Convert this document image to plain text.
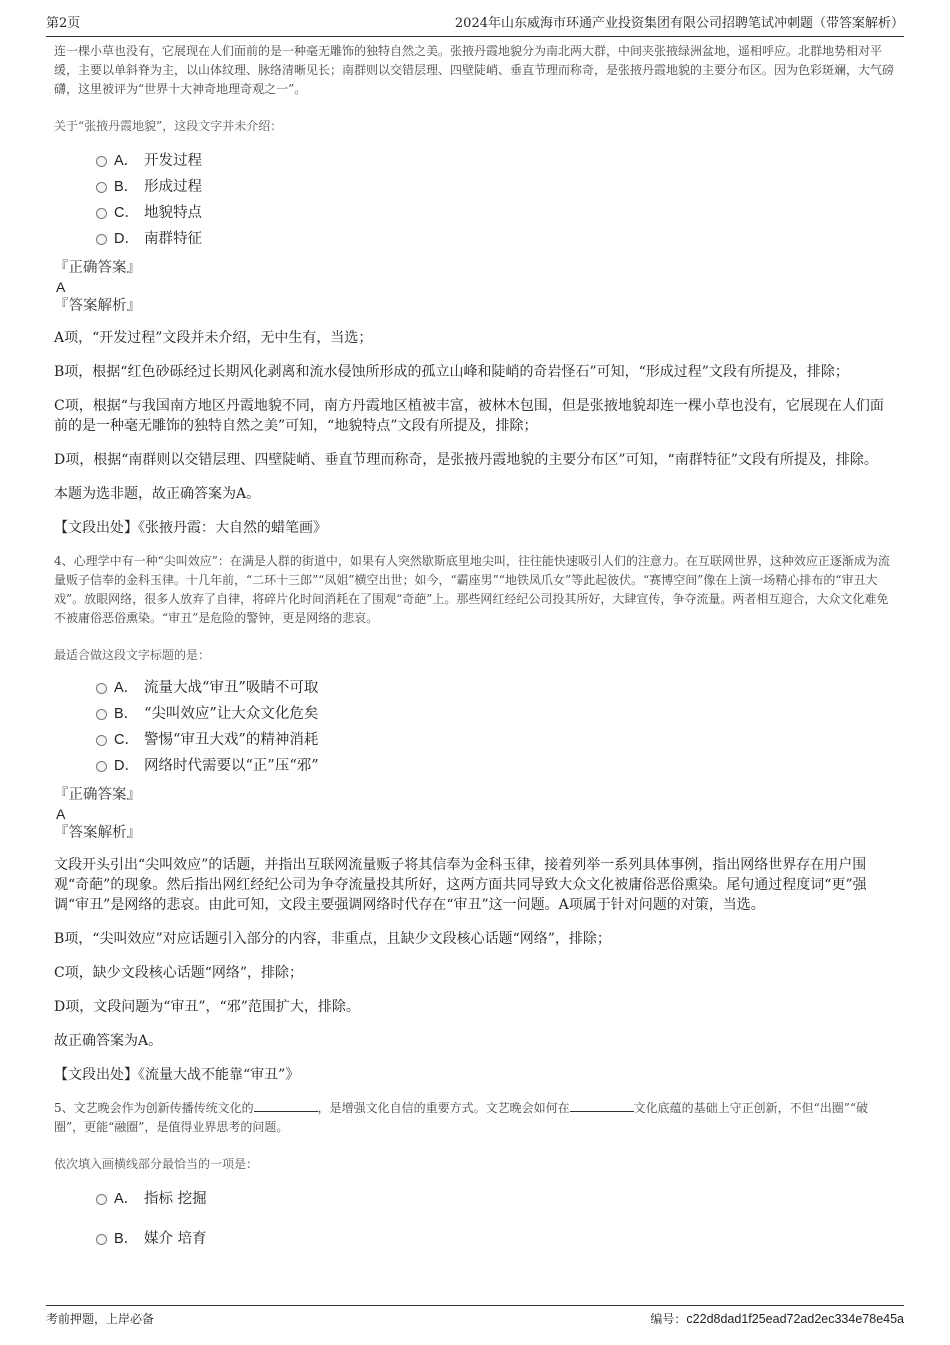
第2页	2024年山东威海市环通产业投资集团有限公司招聘笔试冲刺题（带答案解析）

连一棵小草也没有，它展现在人们面前的是一种毫无雕饰的独特自然之美。张掖丹霞地貌分为南北两大群，中间夹张掖绿洲盆地，遥相呼应。北群地势相对平缓，主要以单斜脊为主，以山体纹理、脉络清晰见长；南群则以交错层理、四壁陡峭、垂直节理而称奇，是张掖丹霞地貌的主要分布区。因为色彩斑斓，大气磅礴，这里被评为“世界十大神奇地理奇观之一”。

关于“张掖丹霞地貌”，这段文字并未介绍：
A． 开发过程
B． 形成过程
C． 地貌特点
D． 南群特征
『正确答案』
A
『答案解析』

A项，“开发过程”文段并未介绍，无中生有，当选；

B项，根据“红色砂砾经过长期风化剥离和流水侵蚀所形成的孤立山峰和陡峭的奇岩怪石”可知，“形成过程”文段有所提及，排除；

C项，根据“与我国南方地区丹霞地貌不同，南方丹霞地区植被丰富，被林木包围，但是张掖地貌却连一棵小草也没有，它展现在人们面前的是一种毫无雕饰的独特自然之美”可知，“地貌特点”文段有所提及，排除；

D项，根据“南群则以交错层理、四壁陡峭、垂直节理而称奇，是张掖丹霞地貌的主要分布区”可知，“南群特征”文段有所提及，排除。

本题为选非题，故正确答案为A。

【文段出处】《张掖丹霞：大自然的蜡笔画》

4、心理学中有一种“尖叫效应”：在满是人群的街道中，如果有人突然歇斯底里地尖叫，往往能快速吸引人们的注意力。在互联网世界，这种效应正逐渐成为流量贩子信奉的金科玉律。十几年前，“二环十三郎”“凤姐”横空出世；如今，“霸座男”“地铁凤爪女”等此起彼伏。“赛博空间”像在上演一场精心排布的“审丑大戏”。放眼网络，很多人放弃了自律，将碎片化时间消耗在了围观“奇葩”上。那些网红经纪公司投其所好，大肆宣传，争夺流量。两者相互迎合，大众文化难免不被庸俗恶俗熏染。“审丑”是危险的警钟，更是网络的悲哀。

最适合做这段文字标题的是：
A． 流量大战“审丑”吸睛不可取
B． “尖叫效应”让大众文化危矣
C． 警惕“审丑大戏”的精神消耗
D． 网络时代需要以“正”压“邪”
『正确答案』
A
『答案解析』

文段开头引出“尖叫效应”的话题，并指出互联网流量贩子将其信奉为金科玉律，接着列举一系列具体事例，指出网络世界存在用户围观“奇葩”的现象。然后指出网红经纪公司为争夺流量投其所好，这两方面共同导致大众文化被庸俗恶俗熏染。尾句通过程度词“更”强调“审丑”是网络的悲哀。由此可知，文段主要强调网络时代存在“审丑”这一问题。A项属于针对问题的对策，当选。

B项，“尖叫效应”对应话题引入部分的内容，非重点，且缺少文段核心话题“网络”，排除；

C项，缺少文段核心话题“网络”，排除；

D项，文段问题为“审丑”，“邪”范围扩大，排除。

故正确答案为A。

【文段出处】《流量大战不能靠“审丑”》

5、文艺晚会作为创新传播传统文化的	，是增强文化自信的重要方式。文艺晚会如何在	文化底蕴的基础上守正创新，不但“出圈”“破圈”，更能“融圈”，是值得业界思考的问题。

依次填入画横线部分最恰当的一项是：
A． 指标 挖掘
B． 媒介 培育
考前押题，上岸必备	编号：c22d8dad1f25ead72ad2ec334e78e45a
